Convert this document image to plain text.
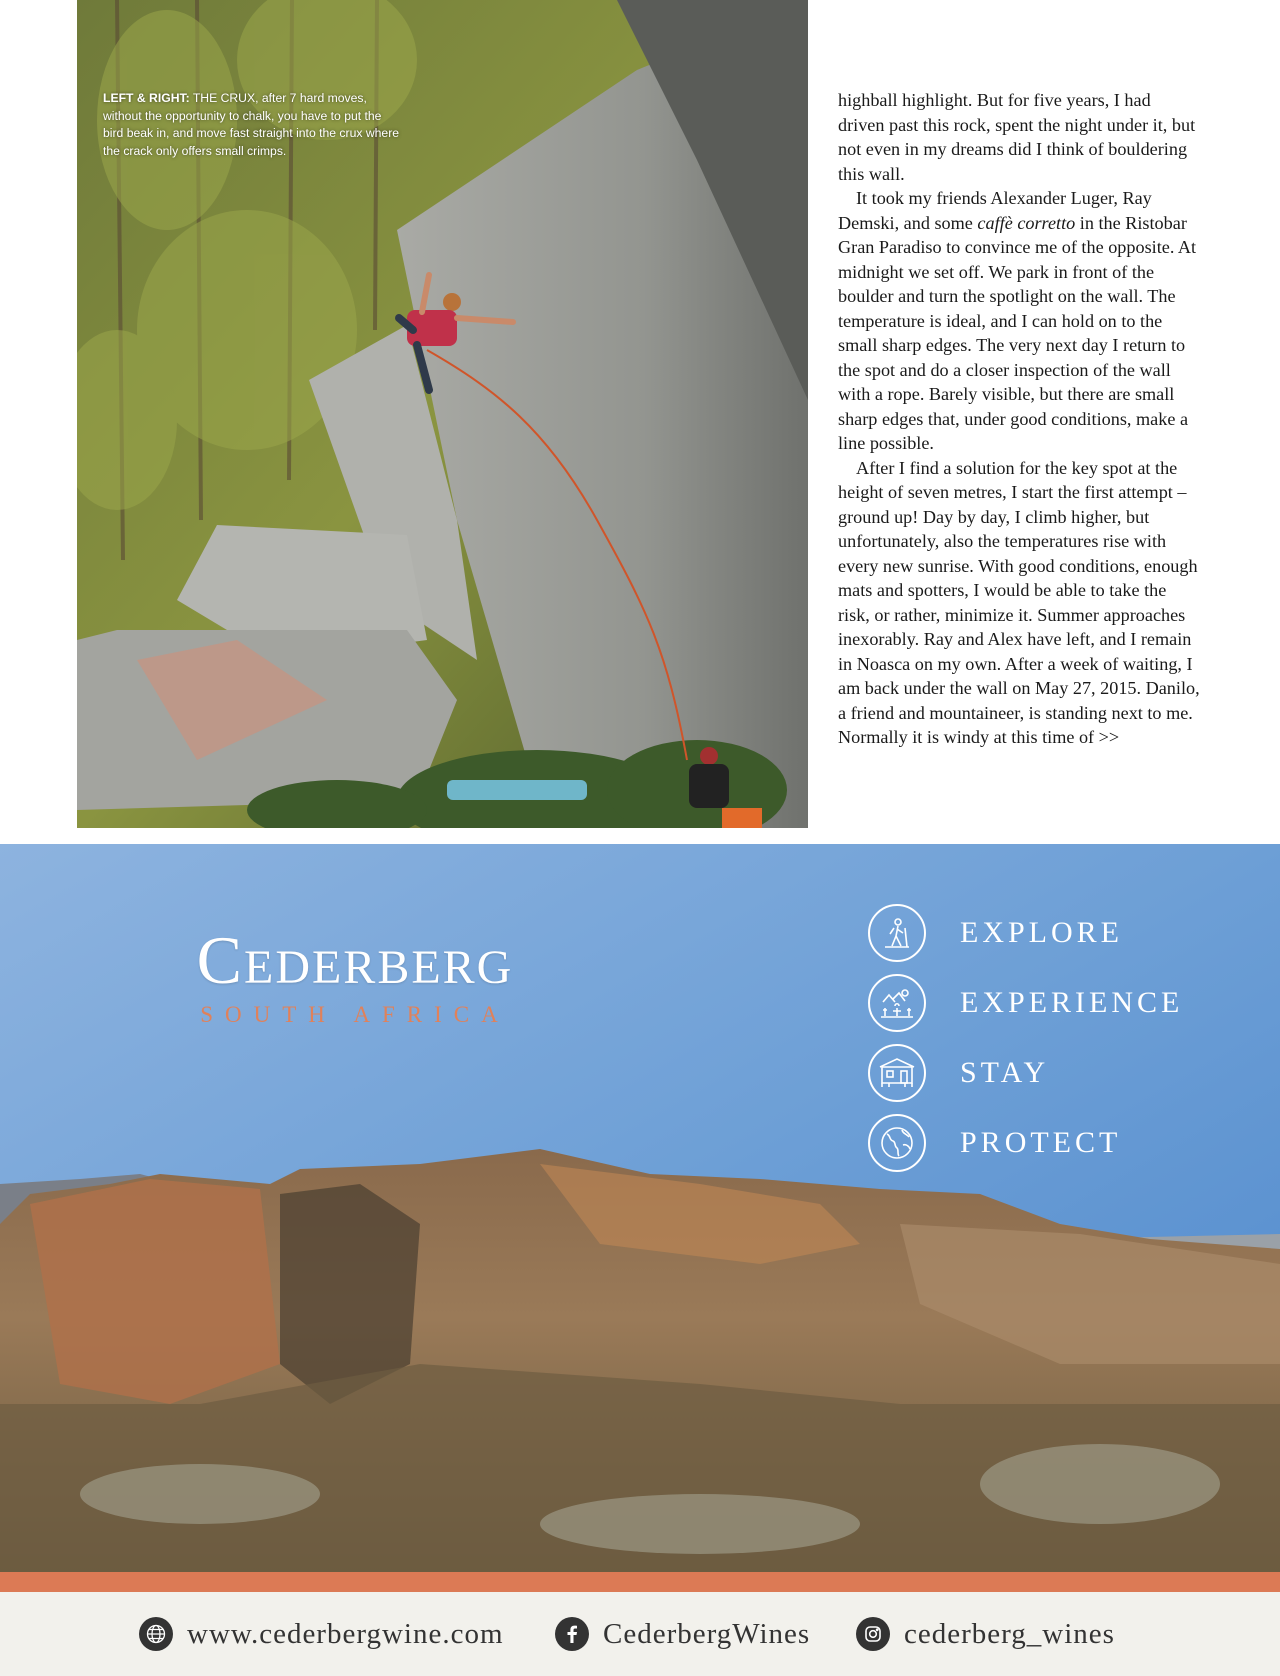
LEFT & RIGHT: THE CRUX, after 7 hard moves, without the opportunity to chalk, you have to put the bird beak in, and move fast straight into the crux where the crack only offers small crimps.

highball highlight. But for five years, I had driven past this rock, spent the night under it, but not even in my dreams did I think of bouldering this wall.

It took my friends Alexander Luger, Ray Demski, and some caffè corretto in the Ristobar Gran Paradiso to convince me of the opposite. At midnight we set off. We park in front of the boulder and turn the spotlight on the wall. The temperature is ideal, and I can hold on to the small sharp edges. The very next day I return to the spot and do a closer inspection of the wall with a rope. Barely visible, but there are small sharp edges that, under good conditions, make a line possible.

After I find a solution for the key spot at the height of seven metres, I start the first attempt – ground up! Day by day, I climb higher, but unfortunately, also the temperatures rise with every new sunrise. With good conditions, enough mats and spotters, I would be able to take the risk, or rather, minimize it. Summer approaches inexorably. Ray and Alex have left, and I remain in Noasca on my own. After a week of waiting, I am back under the wall on May 27, 2015. Danilo, a friend and mountaineer, is standing next to me. Normally it is windy at this time of >>

Cederberg
SOUTH AFRICA
EXPLORE
EXPERIENCE
STAY
PROTECT
www.cederbergwine.com	CederbergWines	cederberg_wines
